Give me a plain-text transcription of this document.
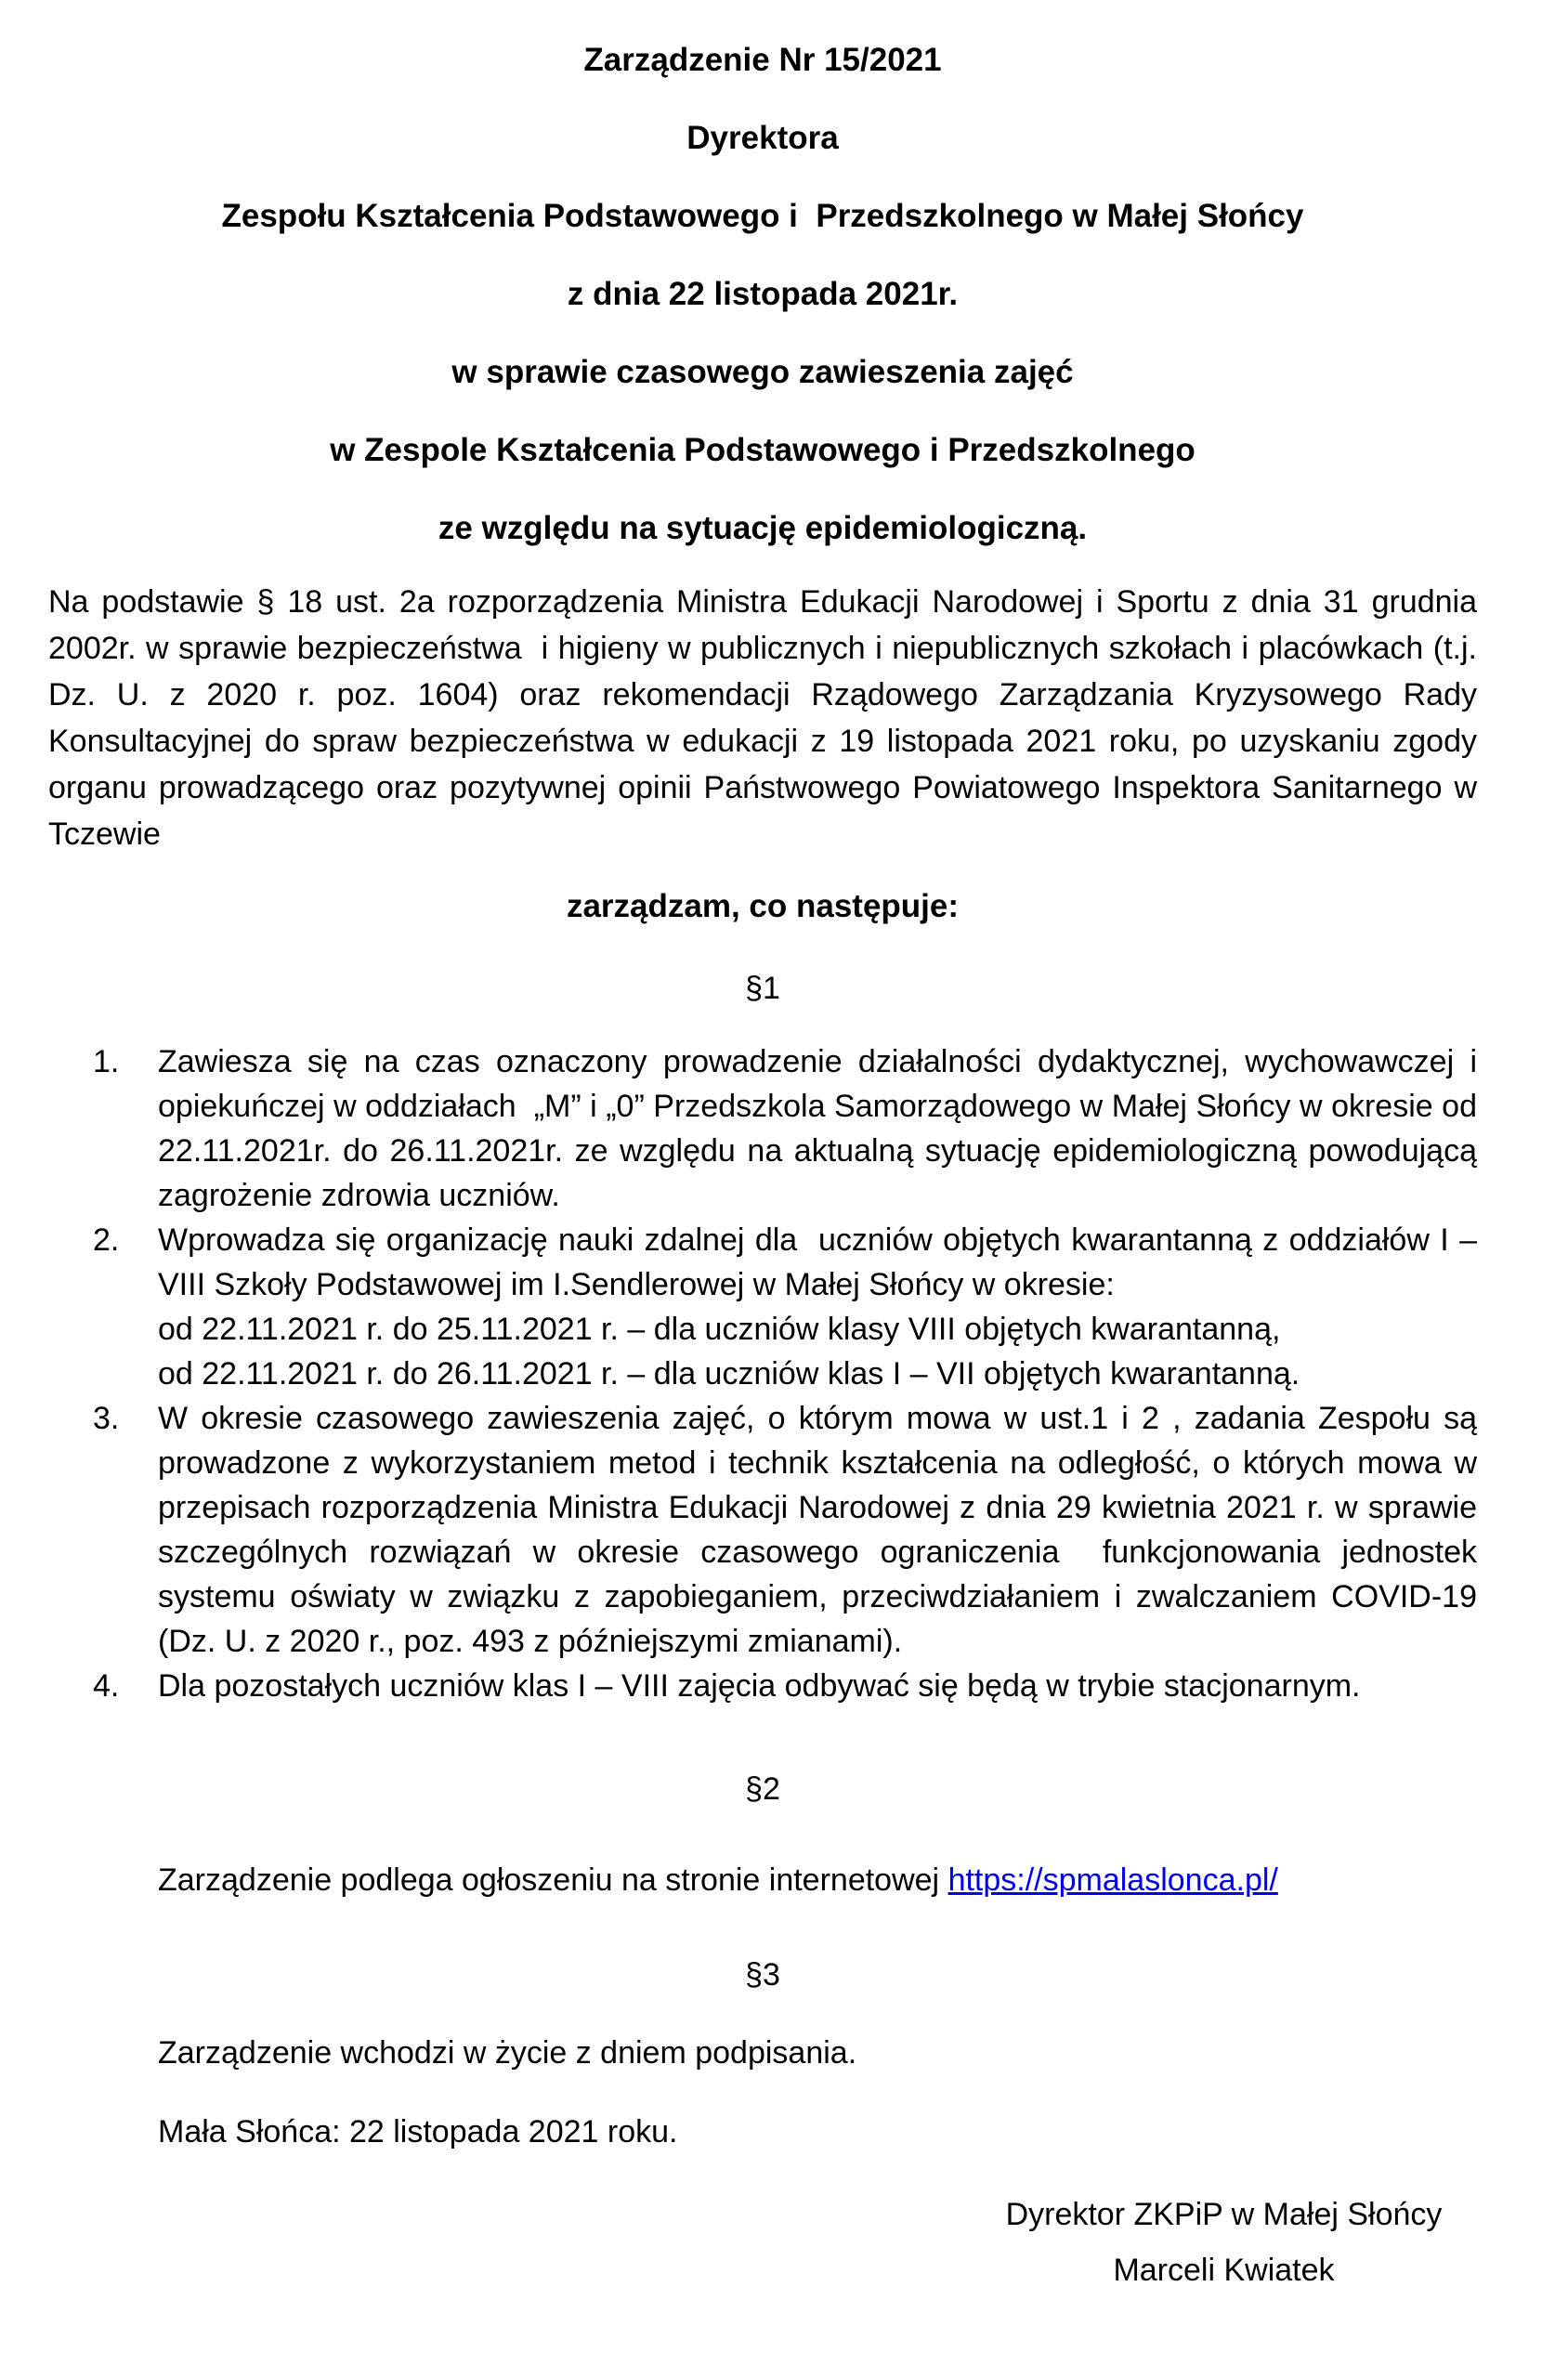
Zarządzenie Nr 15/2021
Dyrektora
Zespołu Kształcenia Podstawowego i  Przedszkolnego w Małej Słońcy
z dnia 22 listopada 2021r.
w sprawie czasowego zawieszenia zajęć
w Zespole Kształcenia Podstawowego i Przedszkolnego
ze względu na sytuację epidemiologiczną.
Na podstawie § 18 ust. 2a rozporządzenia Ministra Edukacji Narodowej i Sportu z dnia 31 grudnia 2002r. w sprawie bezpieczeństwa  i higieny w publicznych i niepublicznych szkołach i placówkach (t.j. Dz. U. z 2020 r. poz. 1604) oraz rekomendacji Rządowego Zarządzania Kryzysowego Rady Konsultacyjnej do spraw bezpieczeństwa w edukacji z 19 listopada 2021 roku, po uzyskaniu zgody organu prowadzącego oraz pozytywnej opinii Państwowego Powiatowego Inspektora Sanitarnego w Tczewie
zarządzam, co następuje:
§1
1.	Zawiesza się na czas oznaczony prowadzenie działalności dydaktycznej, wychowawczej i opiekuńczej w oddziałach  „M” i „0” Przedszkola Samorządowego w Małej Słońcy w okresie od 22.11.2021r. do 26.11.2021r. ze względu na aktualną sytuację epidemiologiczną powodującą zagrożenie zdrowia uczniów.
2.	Wprowadza się organizację nauki zdalnej dla  uczniów objętych kwarantanną z oddziałów I – VIII Szkoły Podstawowej im I.Sendlerowej w Małej Słońcy w okresie:
od 22.11.2021 r. do 25.11.2021 r. – dla uczniów klasy VIII objętych kwarantanną,
od 22.11.2021 r. do 26.11.2021 r. – dla uczniów klas I – VII objętych kwarantanną.
3.	W okresie czasowego zawieszenia zajęć, o którym mowa w ust.1 i 2 , zadania Zespołu są prowadzone z wykorzystaniem metod i technik kształcenia na odległość, o których mowa w przepisach rozporządzenia Ministra Edukacji Narodowej z dnia 29 kwietnia 2021 r. w sprawie szczególnych rozwiązań w okresie czasowego ograniczenia  funkcjonowania jednostek systemu oświaty w związku z zapobieganiem, przeciwdziałaniem i zwalczaniem COVID-19 (Dz. U. z 2020 r., poz. 493 z późniejszymi zmianami).
4.	Dla pozostałych uczniów klas I – VIII zajęcia odbywać się będą w trybie stacjonarnym.
§2
Zarządzenie podlega ogłoszeniu na stronie internetowej https://spmalaslonca.pl/
§3
Zarządzenie wchodzi w życie z dniem podpisania.
Mała Słońca: 22 listopada 2021 roku.
Dyrektor ZKPiP w Małej Słońcy
Marceli Kwiatek
